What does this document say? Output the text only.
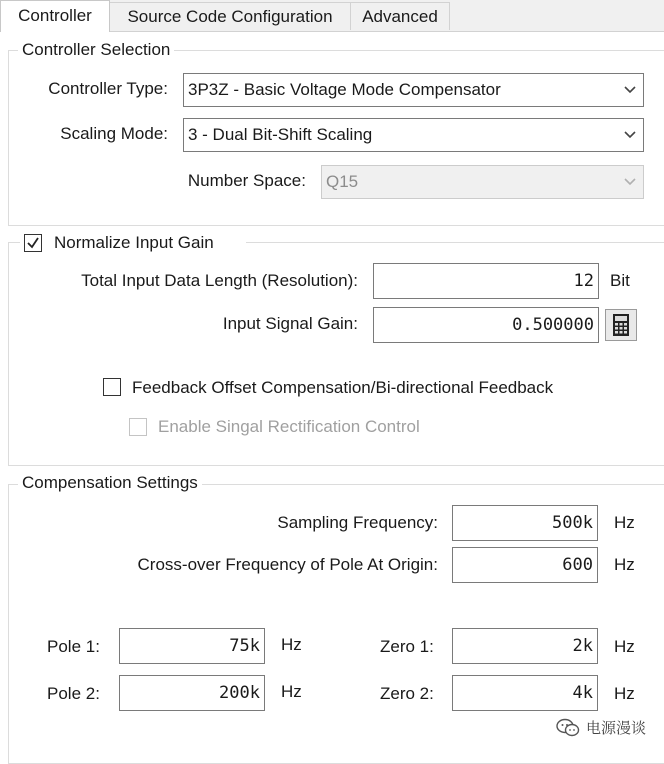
Controller	Source Code Configuration	Advanced
Controller Selection
Controller Type: 3P3Z - Basic Voltage Mode Compensator
Scaling Mode: 3 - Dual Bit-Shift Scaling
Number Space: Q15
Normalize Input Gain
Total Input Data Length (Resolution):	12 Bit
Input Signal Gain:	0.500000
Feedback Offset Compensation/Bi-directional Feedback
Enable Singal Rectification Control
Compensation Settings
Sampling Frequency:	500k Hz
Cross-over Frequency of Pole At Origin:	600 Hz
Pole 1:	75k Hz	Zero 1:	2k Hz
Pole 2:	200k Hz	Zero 2:	4k Hz
电源漫谈
